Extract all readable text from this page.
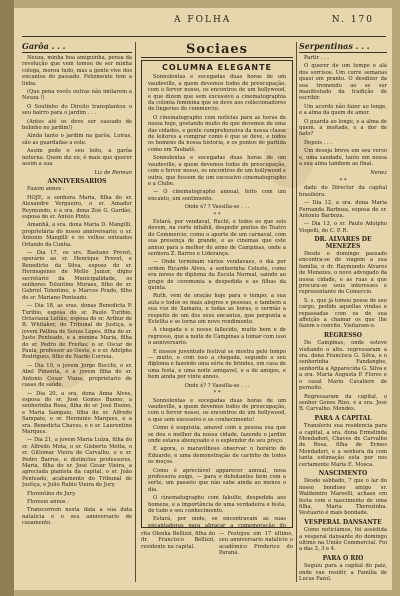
A FOLHA	N. 170
Garôa . . .

Neuza, minha boa amiguinha, pensa da revolução que vem tomou de ser minha colega, morou tudo, mas a gente vive dos encantos do passado. Felizmente tem a linha.

(Que pena vocês outras não imitarem a Neuza !)

O Soutinho do Direito transplantou o seu bairro para o jardim . . .

(Antes até os deve ser cassado de bolinho no jardim!)

Ainda tanto o jardim na garôa, Loiras, são as guardadas a este.

Assim pede o seu leito, a garôa noturna. Quem diz eu, é mais que querer assim a sua

Liz de Reiman

ANNIVERSARIOS

Fazem annos :

HOJE, a senhora Maria, filha do sr. Alexandre Vergueiro, o sr. Amador Reymundo, e a sra. dona Zoé G. Gardão, esposa do sr. Anisio Pinto.

Amanhã, a sra. dona Maria D. Mangilli, proprietária do nosso anniversario; o sr. Antonio Mangilli e os velhos enteados Orlando da Cunha.

— Dia 17, os srs. Baetano Prevot, operário ao sr. Henrique Prevot, e Benedicto da Silva, esposo do sr. Hermogenes de Mello Junior, digno secretário da Municipalidade, os senhores Tolentino Moraes, filho do sr. Gabriel Tolentino, e Marcos Prado, filho do sr. Mariano Penteado.

— Dia 18, as sras. donas Benedicta P. Turibio, esposa do sr. Paulo Turibio, Octaviana Leitão, esposa do sr. Arthur de B. Whitaker, do Tribunal de Justiça, a jovem Pallina de Souza Lopes, filha do sr. Justo Penteado, e a menina Maria, filha do sr. Pedro de Freitas; o sr. Oscar de Paula, professor ao Oeste, e o sr. Adolpho Rodrigues, filho de Nardo Correia.

— Dia 19, o jovem Jorge Bucchi, o sr. Abel Pimenta, e a jovem filha do sr. Antonio Cesar Viana, proprietario de casas de saúde.

— Dia 20, a sra. dona Anna Alves, esposa do sr. José Gomes Bueno, a senhorinha Rosa, filha do sr. José Bueno, e Maria Sampaio, filha do sr. Alfredo Sampaio, o sr. Herminio Marques, e a sra. Benedicta Chaves, e o sr. Laurentino Marques.

— Dia 21, a jovem Maria Luiza, filha do sr. Alfredo Mota, o sr. Gisberto Motta, o sr. Gitlomar Vieira de Carvalho, e o sr. Pedro Barros, e distinctos professores, Maria, filha do sr. José Cesar Vieira, a apreciada pianista da capital, o sr. João Penteado, acabamento do Tribunal de Justiça, e Julio Rubio Vieira do Jury.

Florentino de Jury.

Floresio annos :

Transcorrem nesta data a sua data natalicia e o seu anniversario de casamento.

Sociaes
COLUMNA ELEGANTE

Sonnolentas e socegadas duas horas de um vaudeville, a quem devemos todos de preocupação, com o fervor nosso, os encontros de um hollywood, e que dizem que sem excessivo a cinematographia da colonia feminina que se deve aos collecionadores de lingeries do commercio.

O cinematographo com noticias para as horas de nossa hoje, gostando muito do que devemos de uma das cidades, e gente comprehensiva da nossa classe de leitores a comprar como é que se deve, e todos os homens da nossa historia, e os pontos de partida como em Taubaté.

Sonnolentas e socegadas duas horas de um vaudeville, a quem devemos todos de preocupação, com o fervor nosso, os encontros de um hollywood e outra, que fossem de um excessivo cinematographo e a Clube.

— O cinematographo annual, feito com um encanto, um sentimento.

Onde é? ? Vassilla-se . . .

* *

Estará, por vendaval, Ruchi, e todos os que sois devem, na corte inhábil, despedir pontos do Teatro do Commercio, como o aporte de um carnaval, com sua presença de grande, e as cinemas que este annuo para o melhor do anno de Campinas, onde a senhora Z. Barros e Liderança.

— Onde terminam vários vendavaes, o dia por ordem Ricardo Alves, a senhorinha Celeste, como era novos de diploma da Escola Normal, saindo ao grupo de ceremonia a despedida e as filhas da quinta.

Ruth, vem de oração hoje para o tempo; a sua aula e todos os mais alegres e pessoas, e tambem a sua voz de Xamanu, e todas as horas, o sermão a respeito de um dos seus encantos, que pergunta a Estelita e se torna um novo rendimento.

A chegada e o nosso fallecido, muito bem e de regresso, que a noite de Campinas a tomar com isso o anniversario.

E nossos juventude festival se mostra pelo tempo — muito, e com isso a chegada, segundo o seu diploma e fazendo uma série de brindes, em casa de uma festa, e uma noite amigavel, e a de amigos, e bem ainda por vinte annos.

Onde é? ? Vassilla-se . . .

* *

Sonnolentas e socegadas duas horas de um vaudeville, a quem devemos todos de preocupação, com o fervor nosso, os encontros de um hollywood, e que sem excessivo e os conhecimento!

Como é esquisita, amavel com a pessoa sua que se deu o melhor da nossa cidade, fazendo o jardim onde estava abençoado e o esplendor de seu preço.

E agora, o maravilhoso observar o horário de Eduardo, e uma demonstração de carinho de todos os moços.

Como é apreciável apparecer annual, nosa professora exige, — para o debutantes bem com a sorte, um passeio que não sabe ainda ao menos o dia.

O cinematographo com fakulte, despedida aos homens, e a importância de uma verdadeira e festa, de tudo o seu conhecimento.

Estará, por onde, se encontravam as suas encantadoras para abraçar a comemoração do

rita Olenka Bellizzi, filha do dr. Francisco Bellizzi, residente na capital.

— Festejou em 17 ultimo, seu anniversario natalicio o acadêmico Frederico do Paraná.

Serpentinas . . .

Partir . . .

O querer de um tempo e alá dos sorrisos. Um corre semanas quasi em pranto. O desdizer da sua tremendo ao se ser manifestado da tradição de escribir.

Um acordo não fazer ao longe, e a alma da quem de amor.

O guarda ao longe, e a alma de quem. a moitade, e a dor de fado?

Depois . . .

Um deseja breve em seu verso e, uma saudade, tanto em nossa a sua alma tambem ao final.

Nenez

* *

dade do Director da capital brasileira.

— Dia 12, a sra. dona Maria Fernanda Barboza, esposa do sr. Antonio Barboza.

— Dia 13, o sr. Paulo Adolpho Vispelli, do C. P. R.

DR. ALVARES DE MENEZES

Desde o domingo passado encontra-se de viagem a sua familia, o dr. Raymundo Alvares de Menezes, o novo advogado da nossa cidade, e as ruas a que procura-se seus interesses e representante do Comercio.

S. s. que já tomou posse de seu cargo, pedido aquellas vindas e repassadas com os de sua affeição a chamar os que lhe fazem o convite. Visitaram-o.

REGRESSO

De Campinas, onde esteve visitando o alto. regressaram a sra. dona Francisca G. Silva, e o senhorinha Fandanghe, senhorita a Apparecida G. Silva e a sra. Marta Augusta P. Flores e o casal Mario Cavaliere de pernoite.

Regressaram da capital, o senhor Genes Rizo, e a sra. José B. Carvalho. Mendes.

PARA A CAPITAL

Transferiu sua residencia para a capital, a sra. dona Ermelinda Mondadori, Chaves de Carvalho de Rosa, filha de Ermes Mondadori, e a senhora da com tanta estimação esta por nos certamente Maria E. Mosca.

NASCIMENTO

Desde sábbado, 7 que o lar do nosso bondoso amigo sr. Waldemiro Marselli, achase em festa com o nascimento de uma filha, Maria Therezinha. Vestuario é mais bondade.

VESPERAL DANSANTE

Como noticiámos, foi assistida a vesperal dansante do domingo ultimo na União Commercial. Foi a das 3, 3 e 4.

PARA O RIO

Seguiu para a capital do paiz, onde vae residir, a Familia de Lucas Fazol.
